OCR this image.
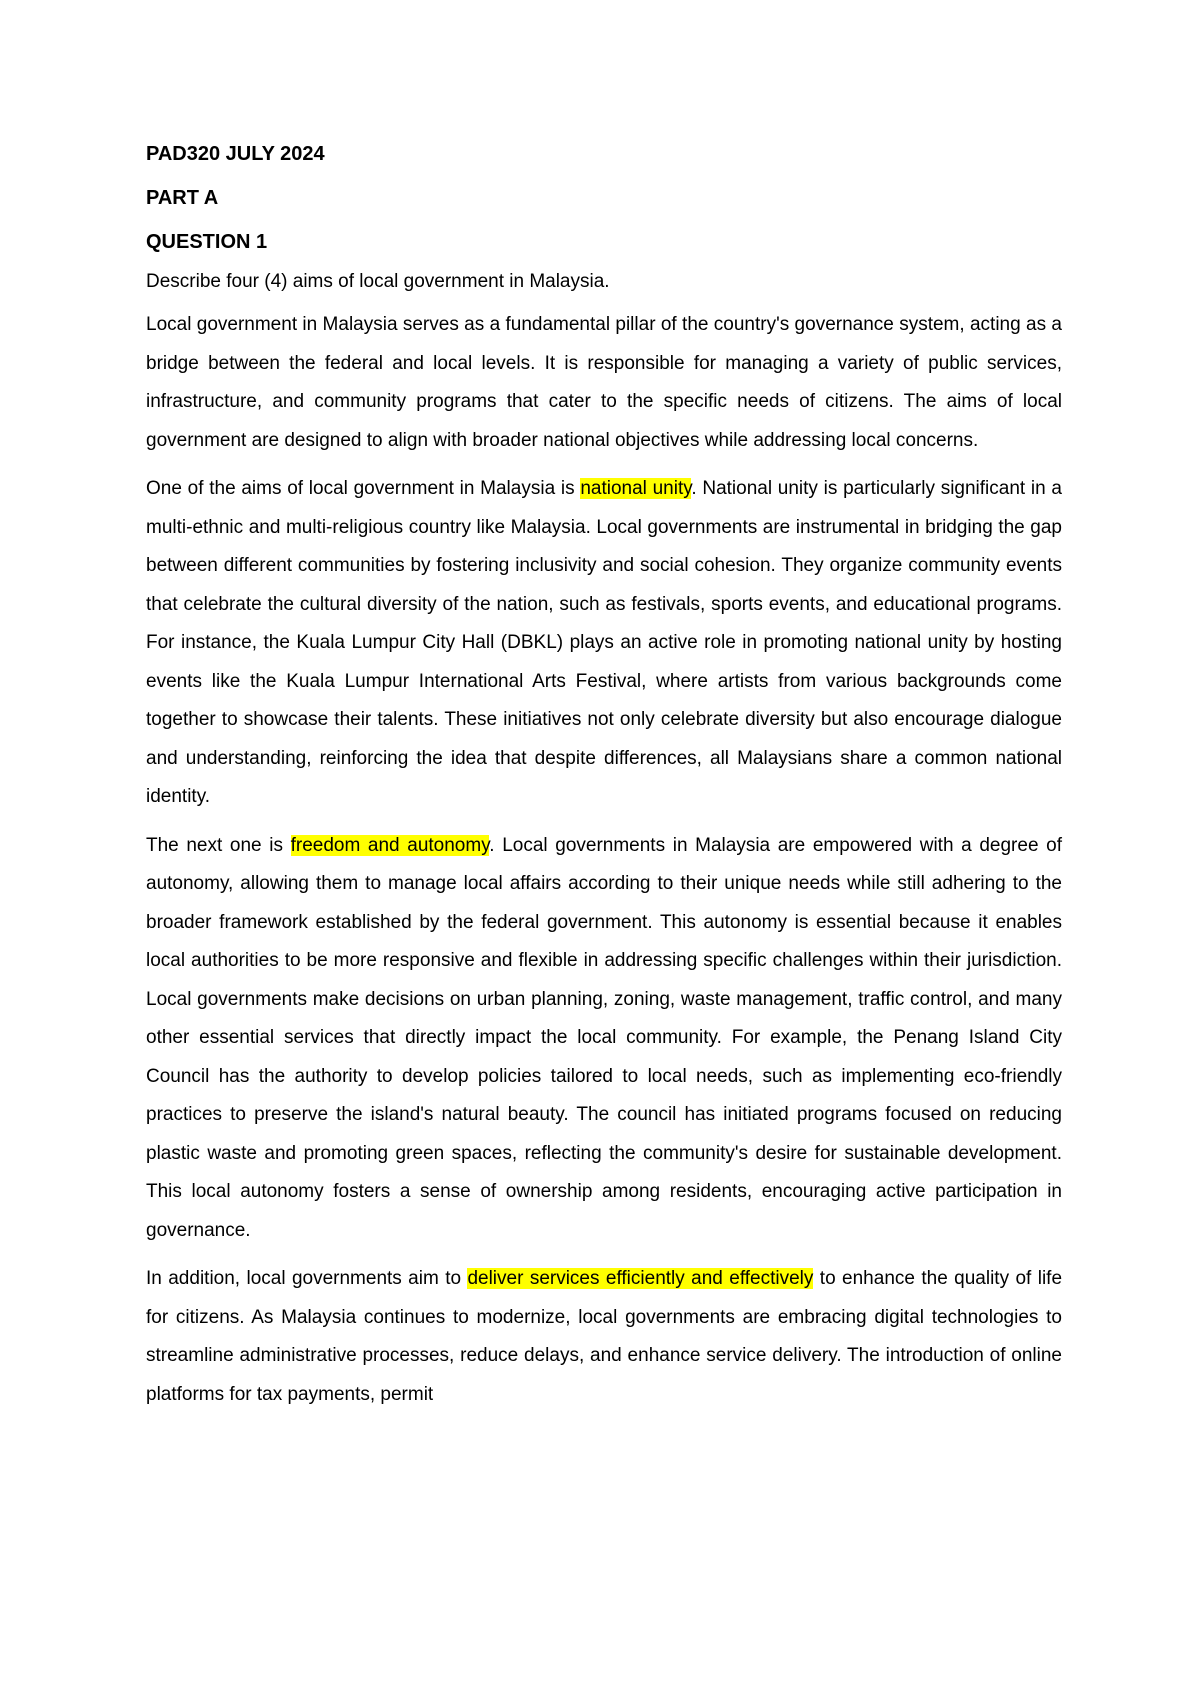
PAD320 JULY 2024

PART A

QUESTION 1

Describe four (4) aims of local government in Malaysia.

Local government in Malaysia serves as a fundamental pillar of the country's governance system, acting as a bridge between the federal and local levels. It is responsible for managing a variety of public services, infrastructure, and community programs that cater to the specific needs of citizens. The aims of local government are designed to align with broader national objectives while addressing local concerns.

One of the aims of local government in Malaysia is national unity. National unity is particularly significant in a multi-ethnic and multi-religious country like Malaysia. Local governments are instrumental in bridging the gap between different communities by fostering inclusivity and social cohesion. They organize community events that celebrate the cultural diversity of the nation, such as festivals, sports events, and educational programs. For instance, the Kuala Lumpur City Hall (DBKL) plays an active role in promoting national unity by hosting events like the Kuala Lumpur International Arts Festival, where artists from various backgrounds come together to showcase their talents. These initiatives not only celebrate diversity but also encourage dialogue and understanding, reinforcing the idea that despite differences, all Malaysians share a common national identity.

The next one is freedom and autonomy. Local governments in Malaysia are empowered with a degree of autonomy, allowing them to manage local affairs according to their unique needs while still adhering to the broader framework established by the federal government. This autonomy is essential because it enables local authorities to be more responsive and flexible in addressing specific challenges within their jurisdiction. Local governments make decisions on urban planning, zoning, waste management, traffic control, and many other essential services that directly impact the local community. For example, the Penang Island City Council has the authority to develop policies tailored to local needs, such as implementing eco-friendly practices to preserve the island's natural beauty. The council has initiated programs focused on reducing plastic waste and promoting green spaces, reflecting the community's desire for sustainable development. This local autonomy fosters a sense of ownership among residents, encouraging active participation in governance.

In addition, local governments aim to deliver services efficiently and effectively to enhance the quality of life for citizens. As Malaysia continues to modernize, local governments are embracing digital technologies to streamline administrative processes, reduce delays, and enhance service delivery. The introduction of online platforms for tax payments, permit
